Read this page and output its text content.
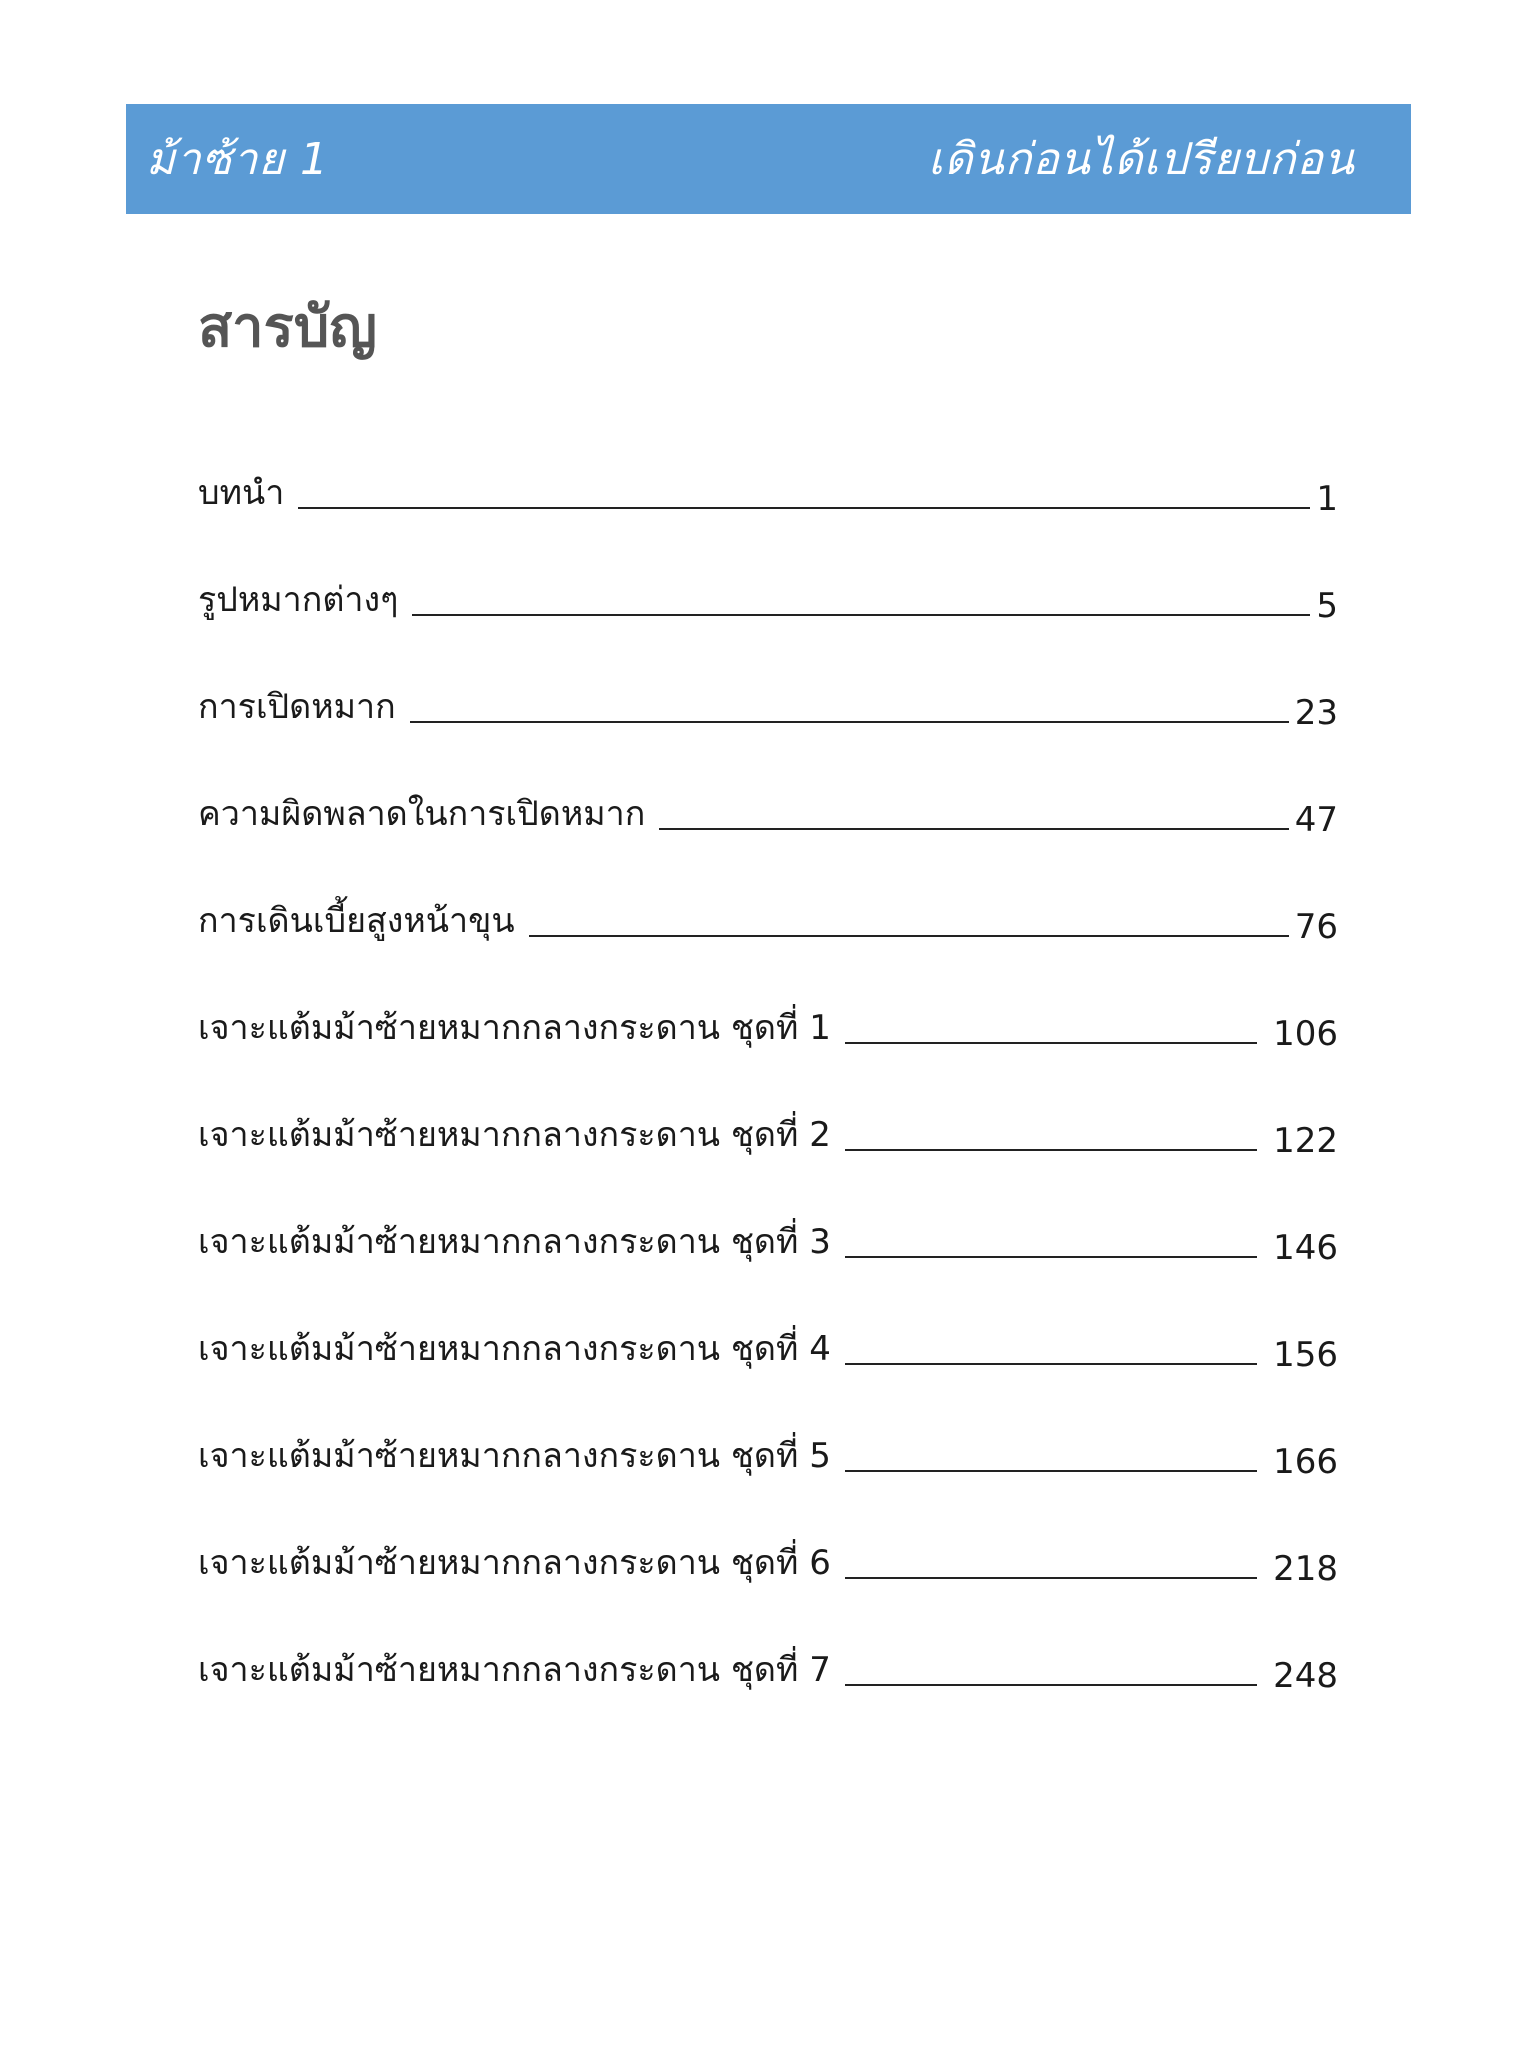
ม้าซ้าย 1	เดินก่อนได้เปรียบก่อน
สารบัญ
บทนำ	1
รูปหมากต่างๆ	5
การเปิดหมาก	23
ความผิดพลาดในการเปิดหมาก	47
การเดินเบี้ยสูงหน้าขุน	76
เจาะแต้มม้าซ้ายหมากกลางกระดาน ชุดที่ 1	106
เจาะแต้มม้าซ้ายหมากกลางกระดาน ชุดที่ 2	122
เจาะแต้มม้าซ้ายหมากกลางกระดาน ชุดที่ 3	146
เจาะแต้มม้าซ้ายหมากกลางกระดาน ชุดที่ 4	156
เจาะแต้มม้าซ้ายหมากกลางกระดาน ชุดที่ 5	166
เจาะแต้มม้าซ้ายหมากกลางกระดาน ชุดที่ 6	218
เจาะแต้มม้าซ้ายหมากกลางกระดาน ชุดที่ 7	248
